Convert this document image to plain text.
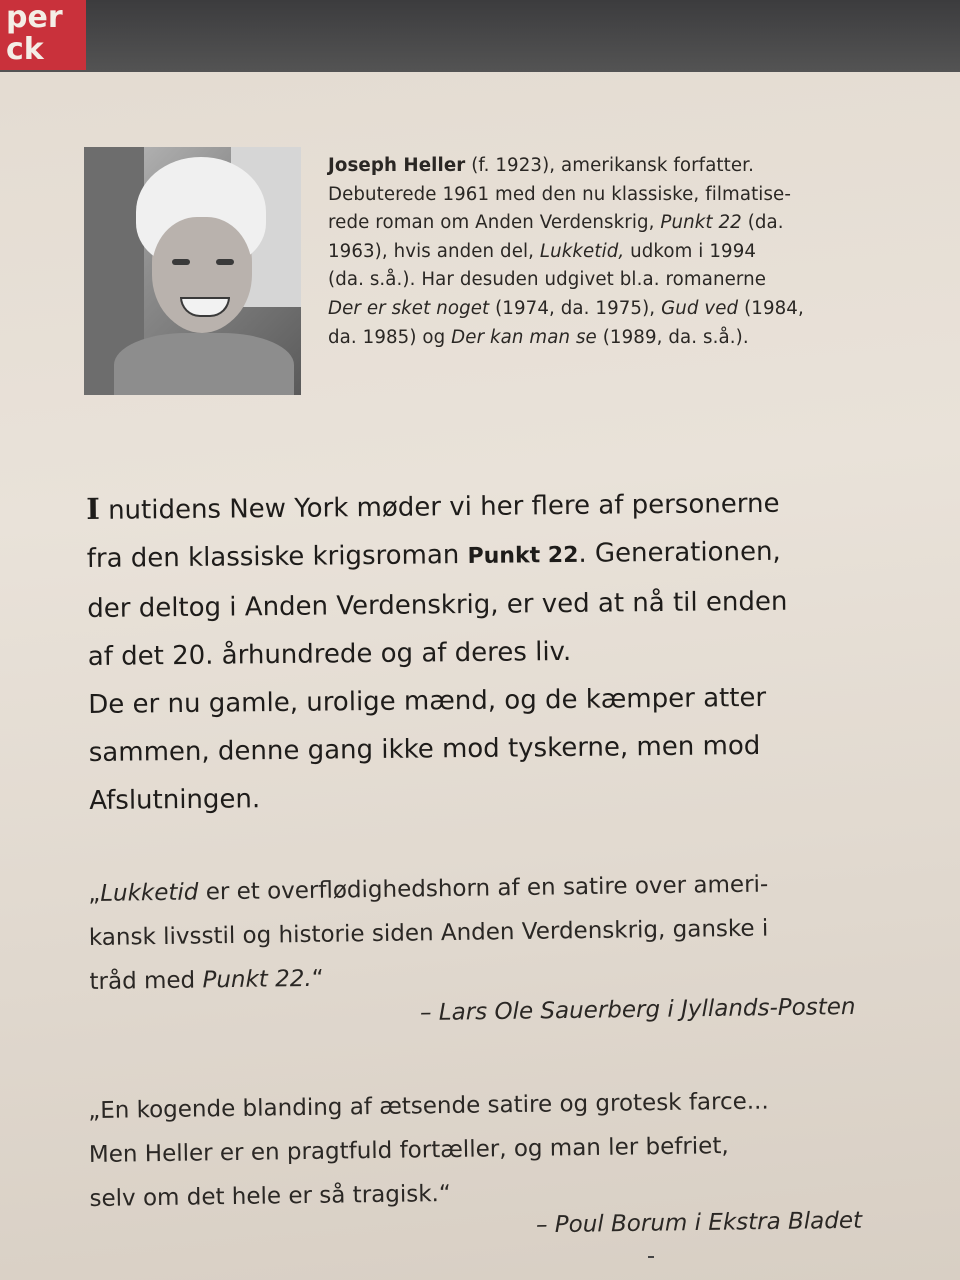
per
ck
Joseph Heller (f. 1923), amerikansk forfatter.
Debuterede 1961 med den nu klassiske, filmatise-
rede roman om Anden Verdenskrig, Punkt 22 (da.
1963), hvis anden del, Lukketid, udkom i 1994
(da. s.å.). Har desuden udgivet bl.a. romanerne
Der er sket noget (1974, da. 1975), Gud ved (1984,
da. 1985) og Der kan man se (1989, da. s.å.).
I nutidens New York møder vi her flere af personerne
fra den klassiske krigsroman Punkt 22. Generationen,
der deltog i Anden Verdenskrig, er ved at nå til enden
af det 20. århundrede og af deres liv.
De er nu gamle, urolige mænd, og de kæmper atter
sammen, denne gang ikke mod tyskerne, men mod
Afslutningen.
„Lukketid er et overflødighedshorn af en satire over ameri-
kansk livsstil og historie siden Anden Verdenskrig, ganske i
tråd med Punkt 22.“
– Lars Ole Sauerberg i Jyllands-Posten
„En kogende blanding af ætsende satire og grotesk farce...
Men Heller er en pragtfuld fortæller, og man ler befriet,
selv om det hele er så tragisk.“
– Poul Borum i Ekstra Bladet
